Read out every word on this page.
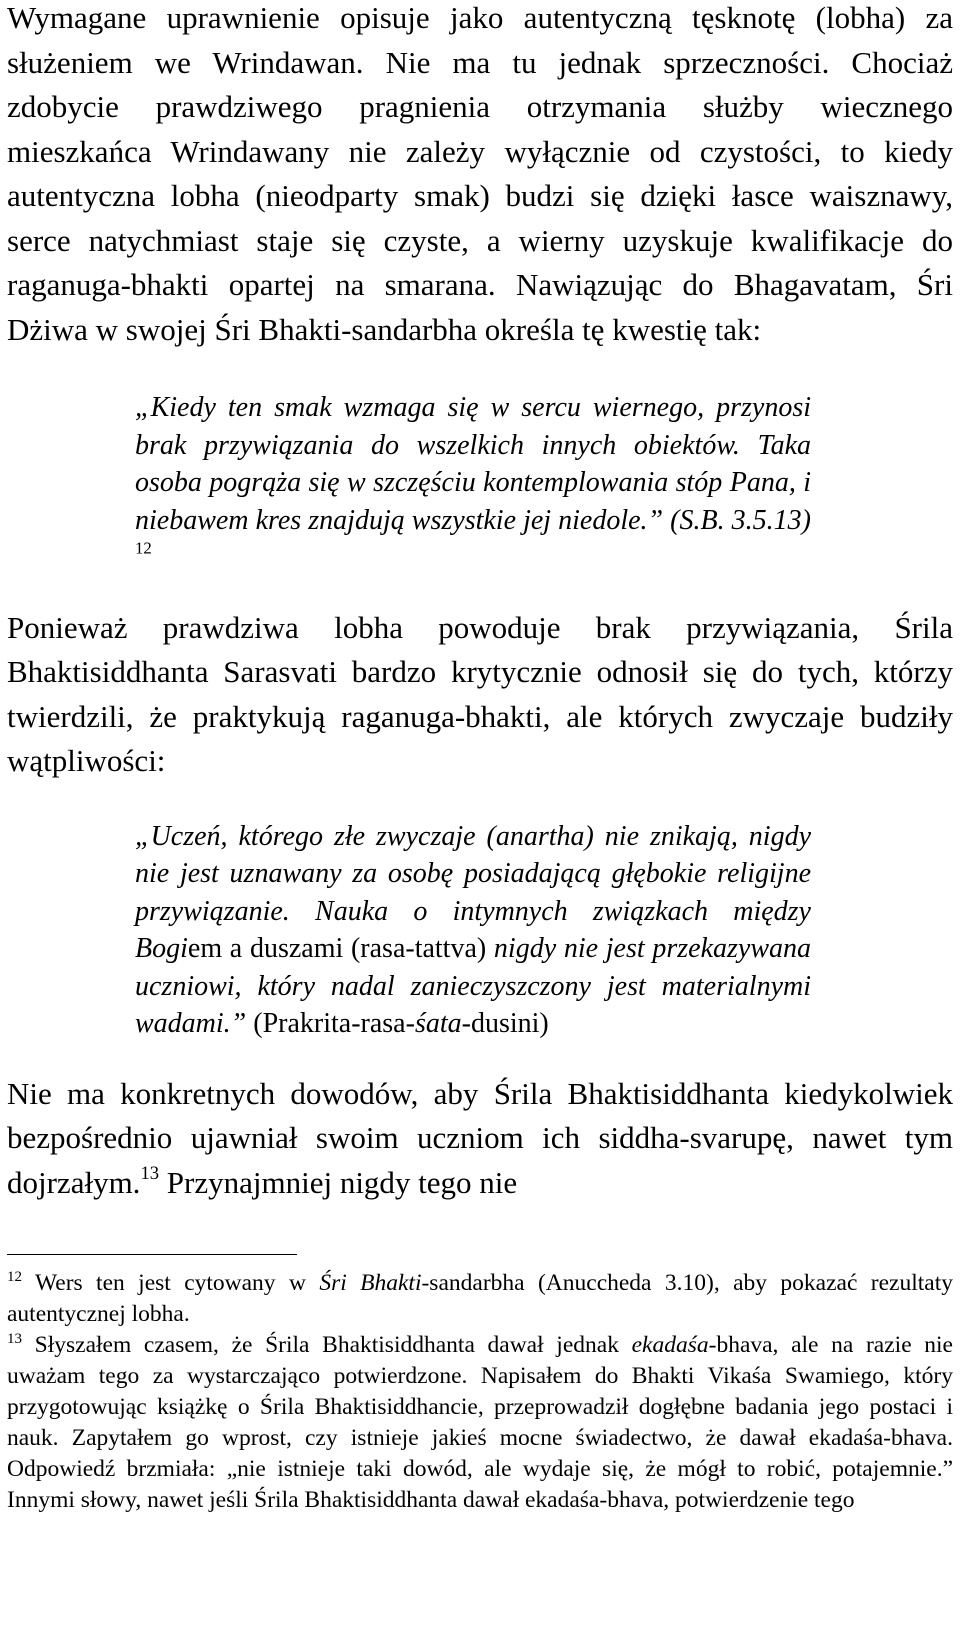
Wymagane uprawnienie opisuje jako autentyczną tęsknotę (lobha) za służeniem we Wrindawan. Nie ma tu jednak sprzeczności. Chociaż zdobycie prawdziwego pragnienia otrzymania służby wiecznego mieszkańca Wrindawany nie zależy wyłącznie od czystości, to kiedy autentyczna lobha (nieodparty smak) budzi się dzięki łasce waisznawy, serce natychmiast staje się czyste, a wierny uzyskuje kwalifikacje do raganuga-bhakti opartej na smarana. Nawiązując do Bhagavatam, Śri Dżiwa w swojej Śri Bhakti-sandarbha określa tę kwestię tak:

„Kiedy ten smak wzmaga się w sercu wiernego, przynosi brak przywiązania do wszelkich innych obiektów. Taka osoba pogrąża się w szczęściu kontemplowania stóp Pana, i niebawem kres znajdują wszystkie jej niedole.” (S.B. 3.5.13) $^{12}$

Ponieważ prawdziwa lobha powoduje brak przywiązania, Śrila Bhaktisiddhanta Sarasvati bardzo krytycznie odnosił się do tych, którzy twierdzili, że praktykują raganuga-bhakti, ale których zwyczaje budziły wątpliwości:

„Uczeń, którego złe zwyczaje (anartha) nie znikają, nigdy nie jest uznawany za osobę posiadającą głębokie religijne przywiązanie. Nauka o intymnych związkach między Bogiem a duszami (rasa-tattva) nigdy nie jest przekazywana uczniowi, który nadal zanieczyszczony jest materialnymi wadami.” (Prakrita-rasa-śata-dusini)

Nie ma konkretnych dowodów, aby Śrila Bhaktisiddhanta kiedykolwiek bezpośrednio ujawniał swoim uczniom ich siddha-svarupę, nawet tym dojrzałym.$^{13}$ Przynajmniej nigdy tego nie

$^{12}$ Wers ten jest cytowany w Śri Bhakti-sandarbha (Anuccheda 3.10), aby pokazać rezultaty autentycznej lobha.

$^{13}$ Słyszałem czasem, że Śrila Bhaktisiddhanta dawał jednak ekadaśa-bhava, ale na razie nie uważam tego za wystarczająco potwierdzone. Napisałem do Bhakti Vikaśa Swamiego, który przygotowując książkę o Śrila Bhaktisiddhancie, przeprowadził dogłębne badania jego postaci i nauk. Zapytałem go wprost, czy istnieje jakieś mocne świadectwo, że dawał ekadaśa-bhava. Odpowiedź brzmiała: „nie istnieje taki dowód, ale wydaje się, że mógł to robić, potajemnie.” Innymi słowy, nawet jeśli Śrila Bhaktisiddhanta dawał ekadaśa-bhava, potwierdzenie tego
